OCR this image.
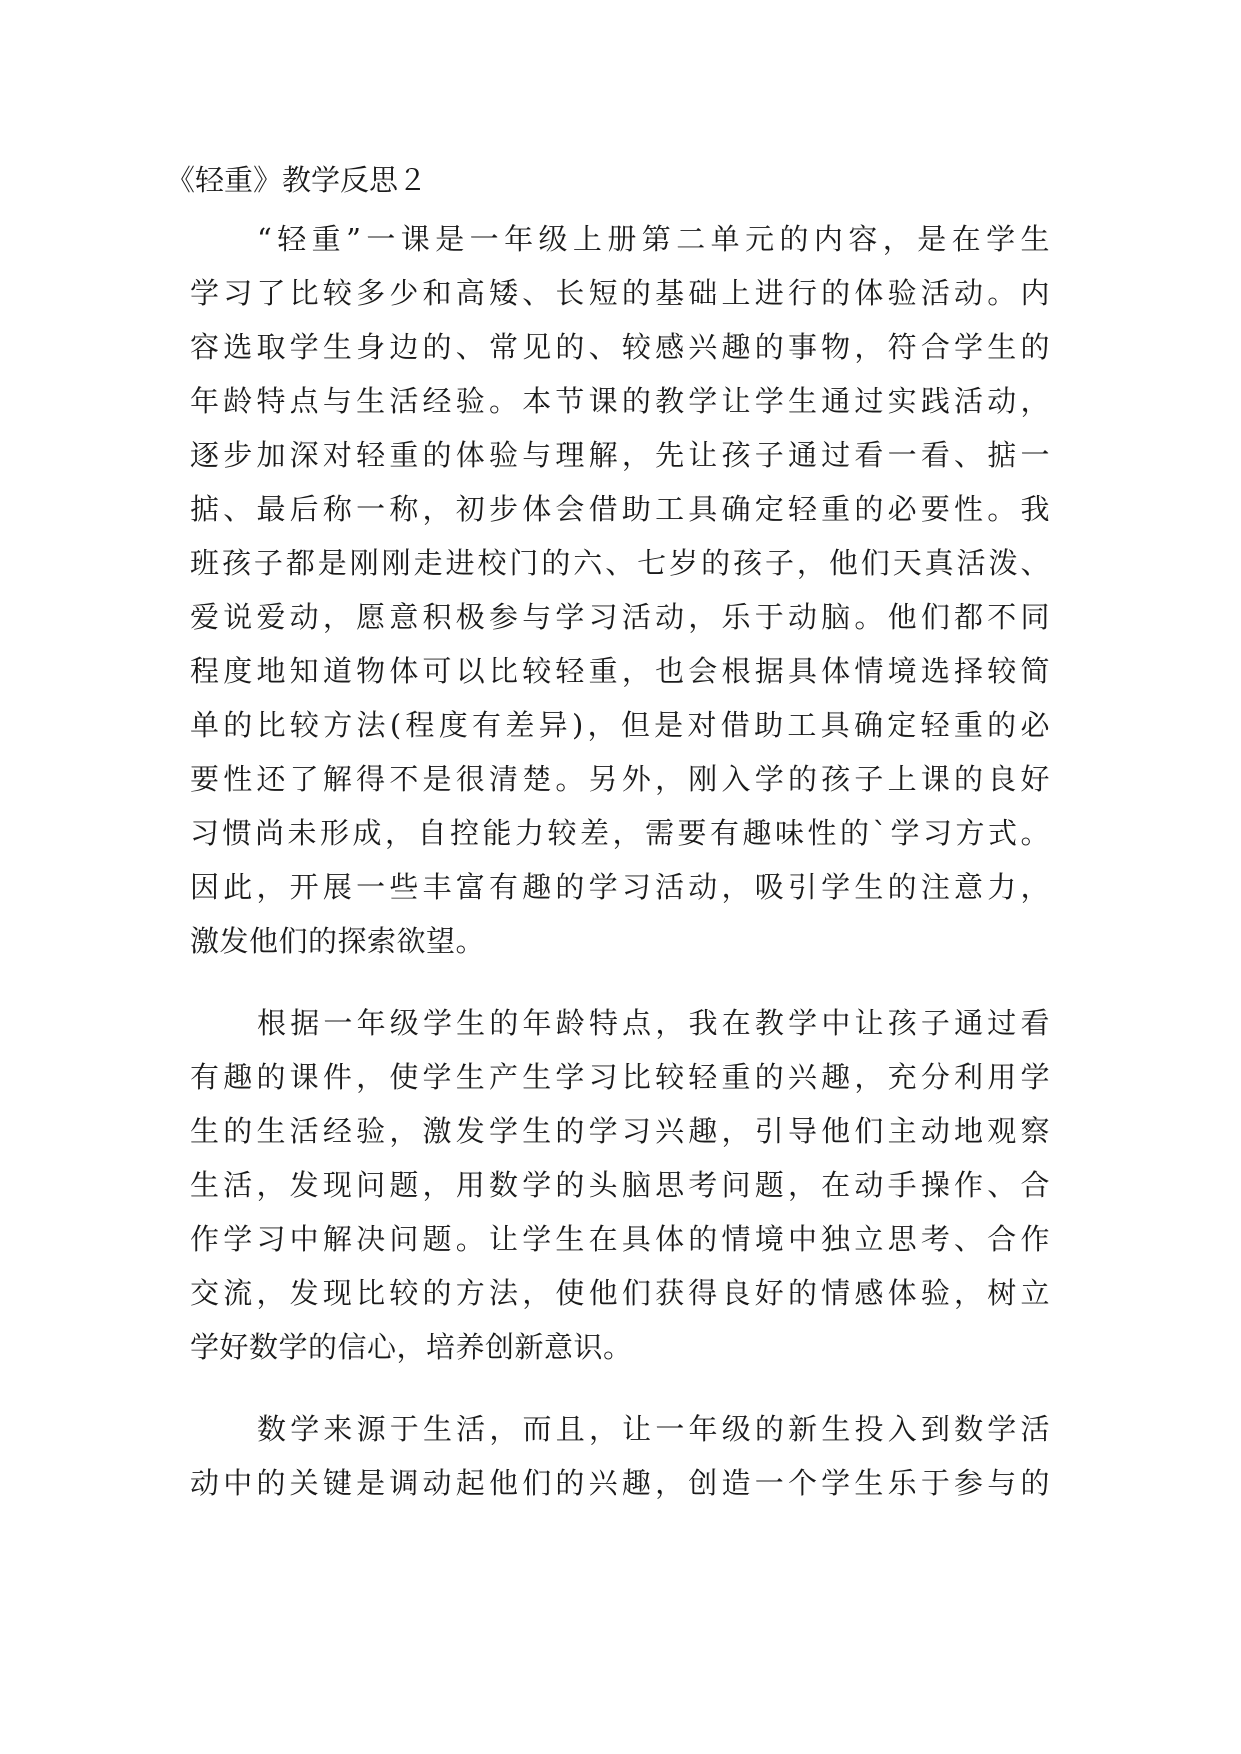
《轻重》教学反思２
“轻重”一课是一年级上册第二单元的内容，是在学生
学习了比较多少和高矮、长短的基础上进行的体验活动。内
容选取学生身边的、常见的、较感兴趣的事物，符合学生的
年龄特点与生活经验。本节课的教学让学生通过实践活动，
逐步加深对轻重的体验与理解，先让孩子通过看一看、掂一
掂、最后称一称，初步体会借助工具确定轻重的必要性。我
班孩子都是刚刚走进校门的六、七岁的孩子，他们天真活泼、
爱说爱动，愿意积极参与学习活动，乐于动脑。他们都不同
程度地知道物体可以比较轻重，也会根据具体情境选择较简
单的比较方法(程度有差异)，但是对借助工具确定轻重的必
要性还了解得不是很清楚。另外，刚入学的孩子上课的良好
习惯尚未形成，自控能力较差，需要有趣味性的`学习方式。
因此，开展一些丰富有趣的学习活动，吸引学生的注意力，
激发他们的探索欲望。
根据一年级学生的年龄特点，我在教学中让孩子通过看
有趣的课件，使学生产生学习比较轻重的兴趣，充分利用学
生的生活经验，激发学生的学习兴趣，引导他们主动地观察
生活，发现问题，用数学的头脑思考问题，在动手操作、合
作学习中解决问题。让学生在具体的情境中独立思考、合作
交流，发现比较的方法，使他们获得良好的情感体验，树立
学好数学的信心，培养创新意识。
数学来源于生活，而且，让一年级的新生投入到数学活
动中的关键是调动起他们的兴趣，创造一个学生乐于参与的
